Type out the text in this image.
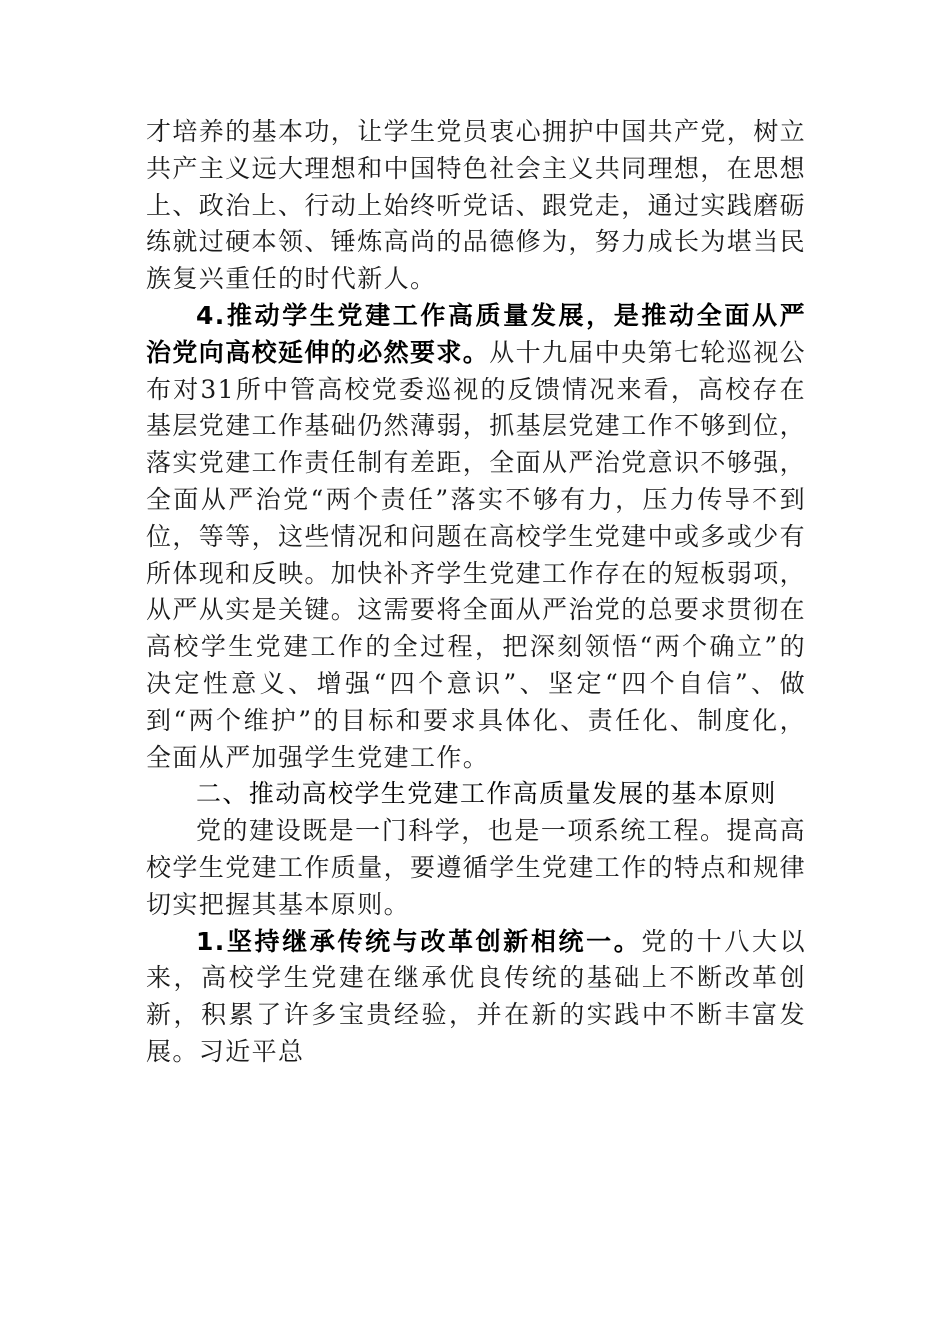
才培养的基本功，让学生党员衷心拥护中国共产党，树立共产主义远大理想和中国特色社会主义共同理想，在思想上、政治上、行动上始终听党话、跟党走，通过实践磨砺练就过硬本领、锤炼高尚的品德修为，努力成长为堪当民族复兴重任的时代新人。

4.推动学生党建工作高质量发展，是推动全面从严治党向高校延伸的必然要求。从十九届中央第七轮巡视公布对31所中管高校党委巡视的反馈情况来看，高校存在基层党建工作基础仍然薄弱，抓基层党建工作不够到位，落实党建工作责任制有差距，全面从严治党意识不够强，全面从严治党“两个责任”落实不够有力，压力传导不到位，等等，这些情况和问题在高校学生党建中或多或少有所体现和反映。加快补齐学生党建工作存在的短板弱项，从严从实是关键。这需要将全面从严治党的总要求贯彻在高校学生党建工作的全过程，把深刻领悟“两个确立”的决定性意义、增强“四个意识”、坚定“四个自信”、做到“两个维护”的目标和要求具体化、责任化、制度化，全面从严加强学生党建工作。

二、推动高校学生党建工作高质量发展的基本原则

党的建设既是一门科学，也是一项系统工程。提高高校学生党建工作质量，要遵循学生党建工作的特点和规律切实把握其基本原则。

1.坚持继承传统与改革创新相统一。党的十八大以来，高校学生党建在继承优良传统的基础上不断改革创新，积累了许多宝贵经验，并在新的实践中不断丰富发展。习近平总
